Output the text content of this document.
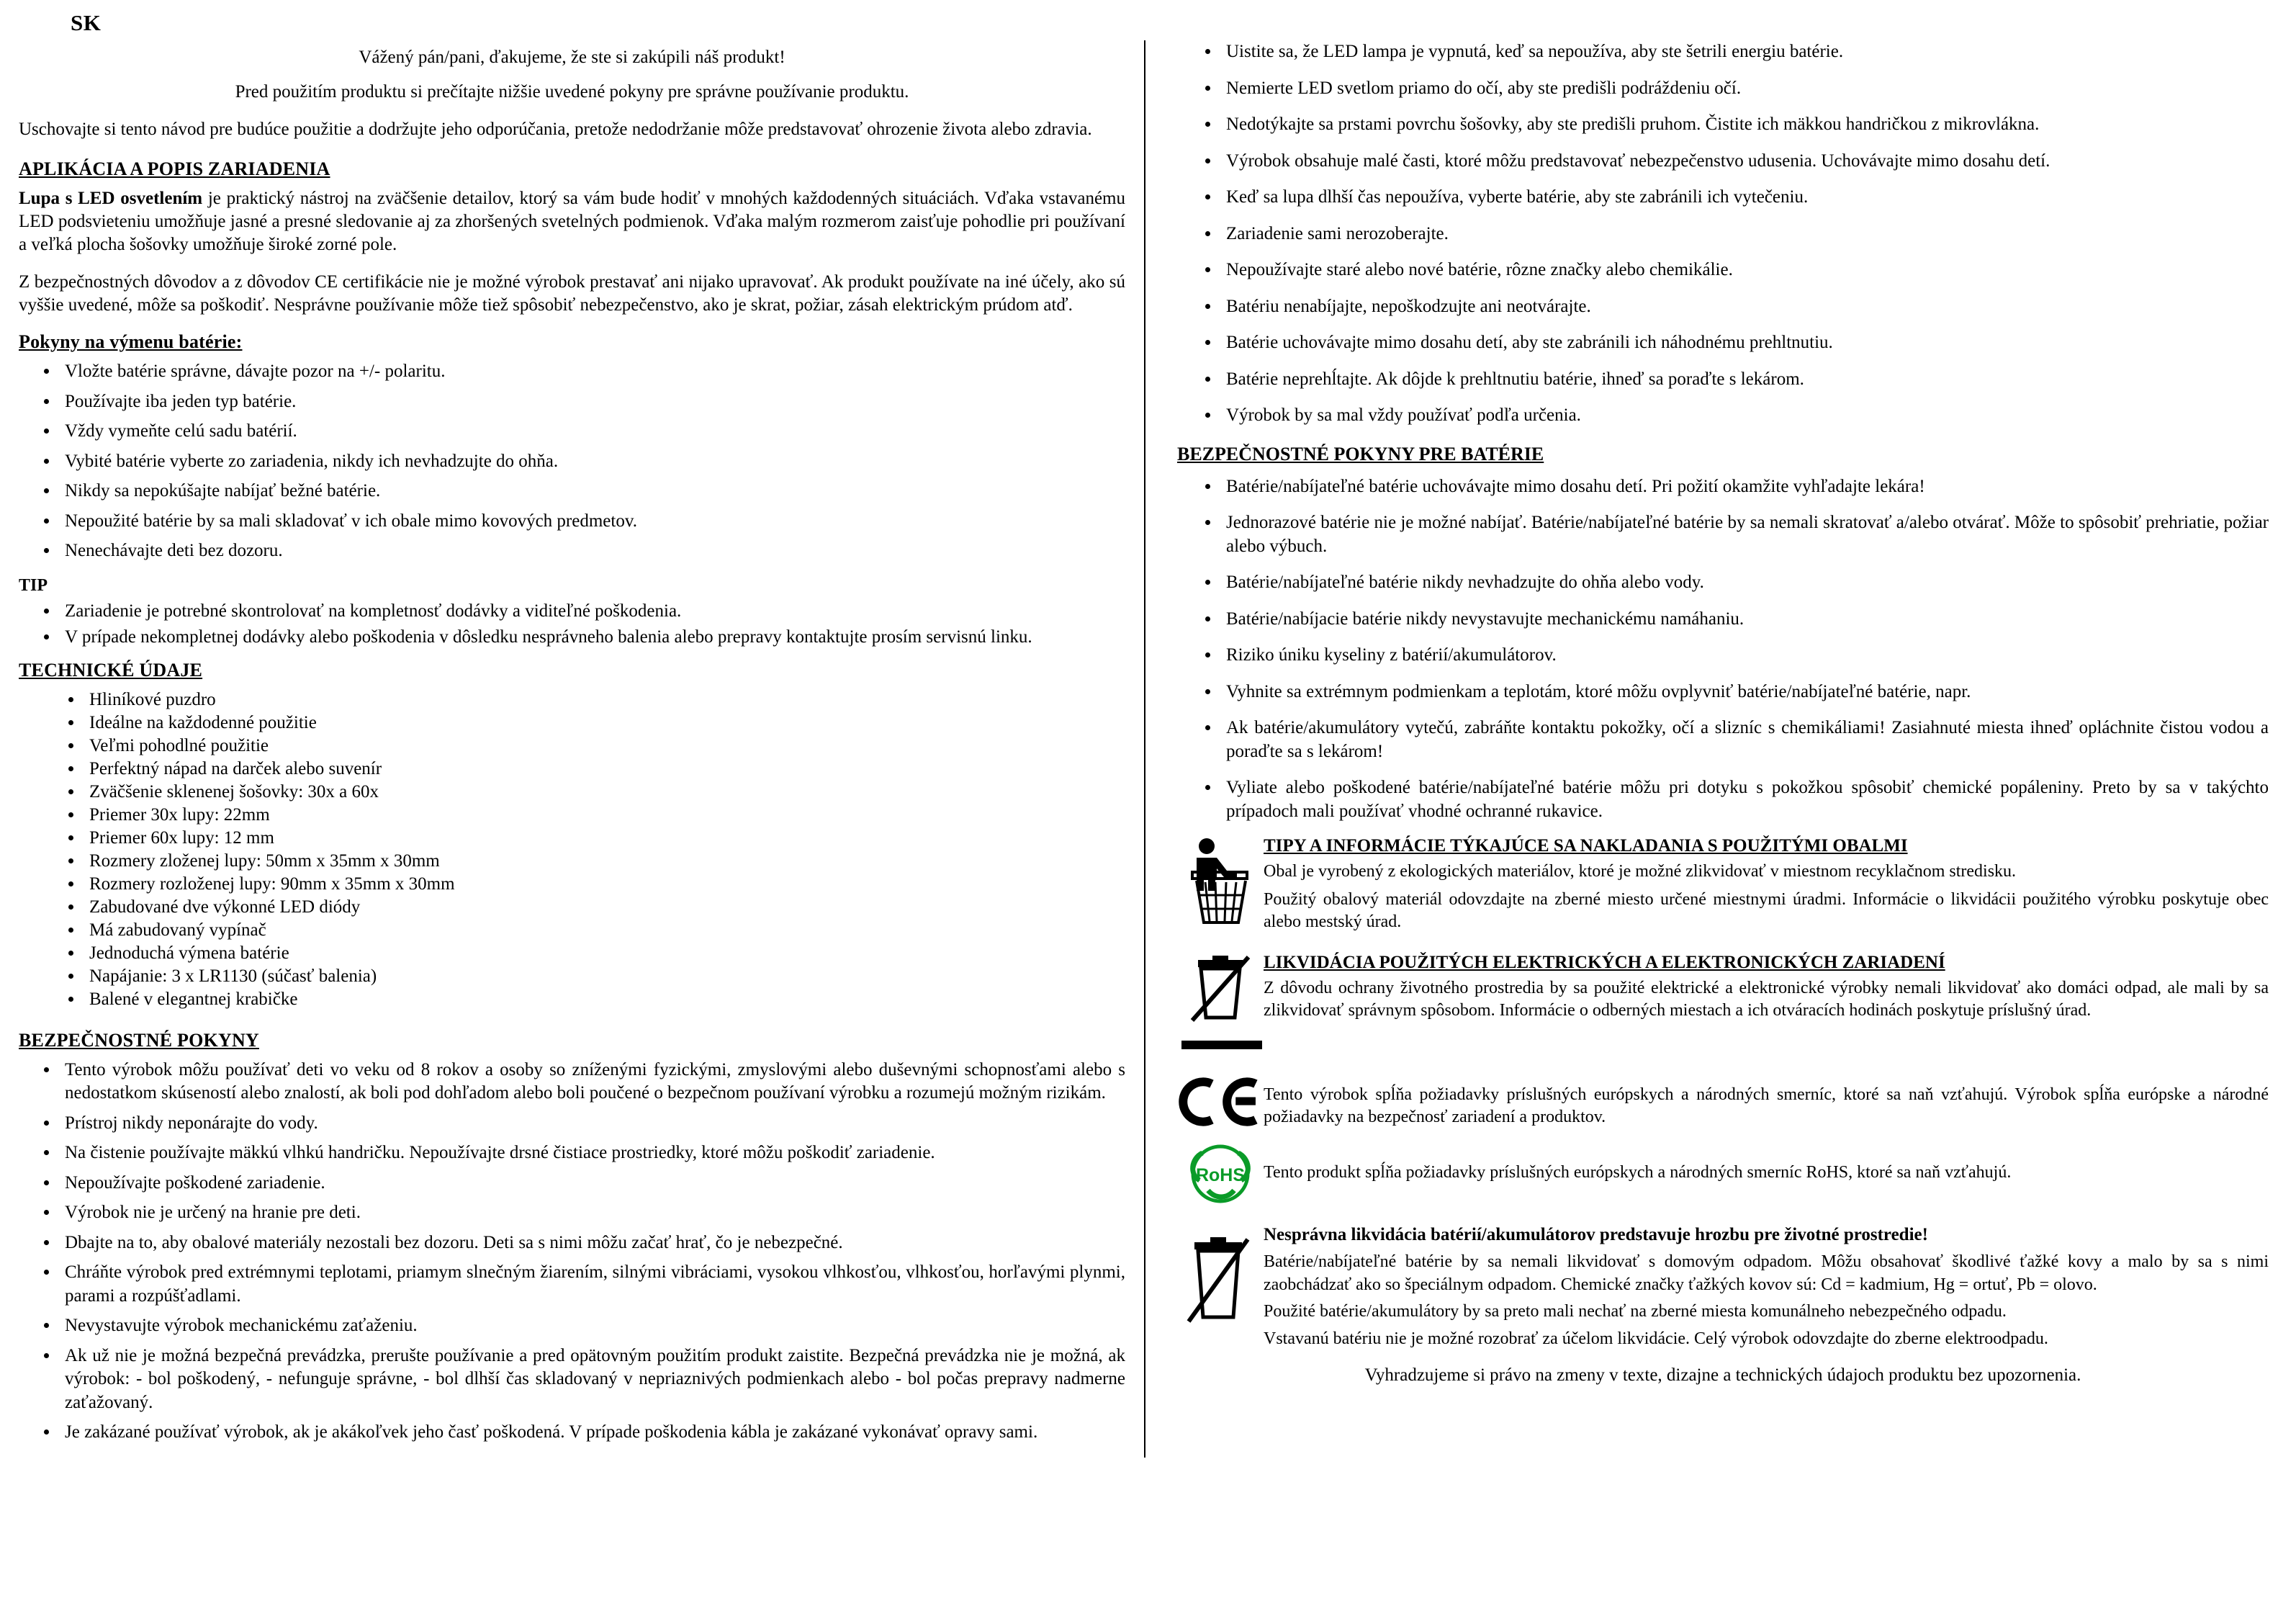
SK

Vážený pán/pani, ďakujeme, že ste si zakúpili náš produkt!

Pred použitím produktu si prečítajte nižšie uvedené pokyny pre správne používanie produktu.

Uschovajte si tento návod pre budúce použitie a dodržujte jeho odporúčania, pretože nedodržanie môže predstavovať ohrozenie života alebo zdravia.

APLIKÁCIA A POPIS ZARIADENIA

Lupa s LED osvetlením je praktický nástroj na zväčšenie detailov, ktorý sa vám bude hodiť v mnohých každodenných situáciách. Vďaka vstavanému LED podsvieteniu umožňuje jasné a presné sledovanie aj za zhoršených svetelných podmienok. Vďaka malým rozmerom zaisťuje pohodlie pri používaní a veľká plocha šošovky umožňuje široké zorné pole.

Z bezpečnostných dôvodov a z dôvodov CE certifikácie nie je možné výrobok prestavať ani nijako upravovať. Ak produkt používate na iné účely, ako sú vyššie uvedené, môže sa poškodiť. Nesprávne používanie môže tiež spôsobiť nebezpečenstvo, ako je skrat, požiar, zásah elektrickým prúdom atď.

Pokyny na výmenu batérie:
• Vložte batérie správne, dávajte pozor na +/- polaritu.
• Používajte iba jeden typ batérie.
• Vždy vymeňte celú sadu batérií.
• Vybité batérie vyberte zo zariadenia, nikdy ich nevhadzujte do ohňa.
• Nikdy sa nepokúšajte nabíjať bežné batérie.
• Nepoužité batérie by sa mali skladovať v ich obale mimo kovových predmetov.
• Nenechávajte deti bez dozoru.
TIP
• Zariadenie je potrebné skontrolovať na kompletnosť dodávky a viditeľné poškodenia.
• V prípade nekompletnej dodávky alebo poškodenia v dôsledku nesprávneho balenia alebo prepravy kontaktujte prosím servisnú linku.
TECHNICKÉ ÚDAJE
• Hliníkové puzdro
• Ideálne na každodenné použitie
• Veľmi pohodlné použitie
• Perfektný nápad na darček alebo suvenír
• Zväčšenie sklenenej šošovky: 30x a 60x
• Priemer 30x lupy: 22mm
• Priemer 60x lupy: 12 mm
• Rozmery zloženej lupy: 50mm x 35mm x 30mm
• Rozmery rozloženej lupy: 90mm x 35mm x 30mm
• Zabudované dve výkonné LED diódy
• Má zabudovaný vypínač
• Jednoduchá výmena batérie
• Napájanie: 3 x LR1130 (súčasť balenia)
• Balené v elegantnej krabičke
BEZPEČNOSTNÉ POKYNY
• Tento výrobok môžu používať deti vo veku od 8 rokov a osoby so zníženými fyzickými, zmyslovými alebo duševnými schopnosťami alebo s nedostatkom skúseností alebo znalostí, ak boli pod dohľadom alebo boli poučené o bezpečnom používaní výrobku a rozumejú možným rizikám.
• Prístroj nikdy neponárajte do vody.
• Na čistenie používajte mäkkú vlhkú handričku. Nepoužívajte drsné čistiace prostriedky, ktoré môžu poškodiť zariadenie.
• Nepoužívajte poškodené zariadenie.
• Výrobok nie je určený na hranie pre deti.
• Dbajte na to, aby obalové materiály nezostali bez dozoru. Deti sa s nimi môžu začať hrať, čo je nebezpečné.
• Chráňte výrobok pred extrémnymi teplotami, priamym slnečným žiarením, silnými vibráciami, vysokou vlhkosťou, vlhkosťou, horľavými plynmi, parami a rozpúšťadlami.
• Nevystavujte výrobok mechanickému zaťaženiu.
• Ak už nie je možná bezpečná prevádzka, prerušte používanie a pred opätovným použitím produkt zaistite. Bezpečná prevádzka nie je možná, ak výrobok: - bol poškodený, - nefunguje správne, - bol dlhší čas skladovaný v nepriaznivých podmienkach alebo - bol počas prepravy nadmerne zaťažovaný.
• Je zakázané používať výrobok, ak je akákoľvek jeho časť poškodená. V prípade poškodenia kábla je zakázané vykonávať opravy sami.
• Uistite sa, že LED lampa je vypnutá, keď sa nepoužíva, aby ste šetrili energiu batérie.
• Nemierte LED svetlom priamo do očí, aby ste predišli podráždeniu očí.
• Nedotýkajte sa prstami povrchu šošovky, aby ste predišli pruhom. Čistite ich mäkkou handričkou z mikrovlákna.
• Výrobok obsahuje malé časti, ktoré môžu predstavovať nebezpečenstvo udusenia. Uchovávajte mimo dosahu detí.
• Keď sa lupa dlhší čas nepoužíva, vyberte batérie, aby ste zabránili ich vytečeniu.
• Zariadenie sami nerozoberajte.
• Nepoužívajte staré alebo nové batérie, rôzne značky alebo chemikálie.
• Batériu nenabíjajte, nepoškodzujte ani neotvárajte.
• Batérie uchovávajte mimo dosahu detí, aby ste zabránili ich náhodnému prehltnutiu.
• Batérie neprehĺtajte. Ak dôjde k prehltnutiu batérie, ihneď sa poraďte s lekárom.
• Výrobok by sa mal vždy používať podľa určenia.
BEZPEČNOSTNÉ POKYNY PRE BATÉRIE
• Batérie/nabíjateľné batérie uchovávajte mimo dosahu detí. Pri požití okamžite vyhľadajte lekára!
• Jednorazové batérie nie je možné nabíjať. Batérie/nabíjateľné batérie by sa nemali skratovať a/alebo otvárať. Môže to spôsobiť prehriatie, požiar alebo výbuch.
• Batérie/nabíjateľné batérie nikdy nevhadzujte do ohňa alebo vody.
• Batérie/nabíjacie batérie nikdy nevystavujte mechanickému namáhaniu.
• Riziko úniku kyseliny z batérií/akumulátorov.
• Vyhnite sa extrémnym podmienkam a teplotám, ktoré môžu ovplyvniť batérie/nabíjateľné batérie, napr.
• Ak batérie/akumulátory vytečú, zabráňte kontaktu pokožky, očí a slizníc s chemikáliami! Zasiahnuté miesta ihneď opláchnite čistou vodou a poraďte sa s lekárom!
• Vyliate alebo poškodené batérie/nabíjateľné batérie môžu pri dotyku s pokožkou spôsobiť chemické popáleniny. Preto by sa v takýchto prípadoch mali používať vhodné ochranné rukavice.
TIPY A INFORMÁCIE TÝKAJÚCE SA NAKLADANIA S POUŽITÝMI OBALMI
Obal je vyrobený z ekologických materiálov, ktoré je možné zlikvidovať v miestnom recyklačnom stredisku.
Použitý obalový materiál odovzdajte na zberné miesto určené miestnymi úradmi. Informácie o likvidácii použitého výrobku poskytuje obec alebo mestský úrad.
LIKVIDÁCIA POUŽITÝCH ELEKTRICKÝCH A ELEKTRONICKÝCH ZARIADENÍ
Z dôvodu ochrany životného prostredia by sa použité elektrické a elektronické výrobky nemali likvidovať ako domáci odpad, ale mali by sa zlikvidovať správnym spôsobom. Informácie o odberných miestach a ich otváracích hodinách poskytuje príslušný úrad.
Tento výrobok spĺňa požiadavky príslušných európskych a národných smerníc, ktoré sa naň vzťahujú. Výrobok spĺňa európske a národné požiadavky na bezpečnosť zariadení a produktov.
RoHS Tento produkt spĺňa požiadavky príslušných európskych a národných smerníc RoHS, ktoré sa naň vzťahujú.
Nesprávna likvidácia batérií/akumulátorov predstavuje hrozbu pre životné prostredie!
Batérie/nabíjateľné batérie by sa nemali likvidovať s domovým odpadom. Môžu obsahovať škodlivé ťažké kovy a malo by sa s nimi zaobchádzať ako so špeciálnym odpadom. Chemické značky ťažkých kovov sú: Cd = kadmium, Hg = ortuť, Pb = olovo.
Použité batérie/akumulátory by sa preto mali nechať na zberné miesta komunálneho nebezpečného odpadu.
Vstavanú batériu nie je možné rozobrať za účelom likvidácie. Celý výrobok odovzdajte do zberne elektroodpadu.
Vyhradzujeme si právo na zmeny v texte, dizajne a technických údajoch produktu bez upozornenia.
